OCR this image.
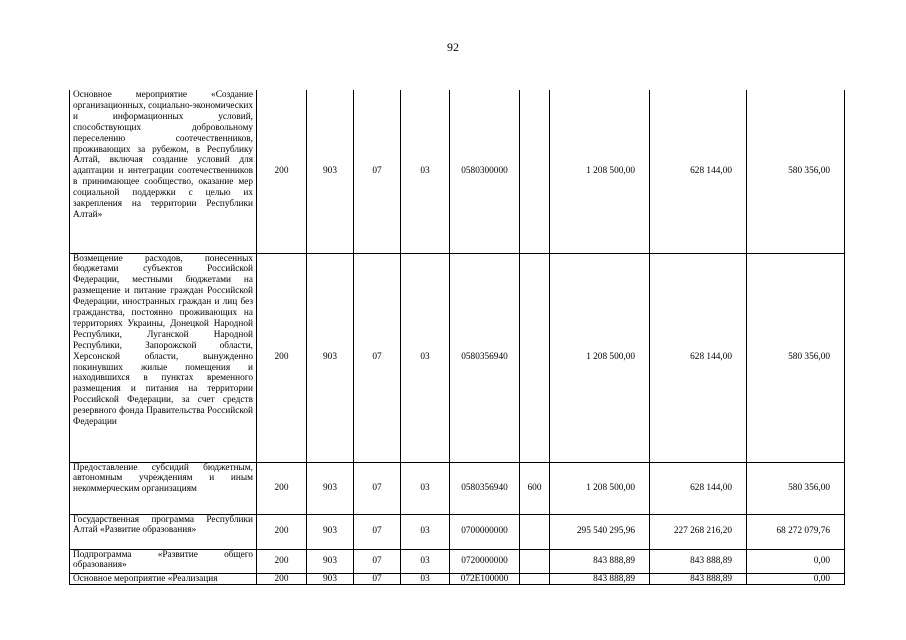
92
Основное мероприятие «Создание организационных, социально-экономических и информационных условий, способствующих добровольному переселению соотечественников, проживающих за рубежом, в Республику Алтай, включая создание условий для адаптации и интеграции соотечественников в принимающее сообщество, оказание мер социальной поддержки с целью их закрепления на территории Республики Алтай»	200	903	07	03	0580300000		1 208 500,00	628 144,00	580 356,00
Возмещение расходов, понесенных бюджетами субъектов Российской Федерации, местными бюджетами на размещение и питание граждан Российской Федерации, иностранных граждан и лиц без гражданства, постоянно проживающих на территориях Украины, Донецкой Народной Республики, Луганской Народной Республики, Запорожской области, Херсонской области, вынужденно покинувших жилые помещения и находившихся в пунктах временного размещения и питания на территории Российской Федерации, за счет средств резервного фонда Правительства Российской Федерации	200	903	07	03	0580356940		1 208 500,00	628 144,00	580 356,00
Предоставление субсидий бюджетным, автономным учреждениям и иным некоммерческим организациям	200	903	07	03	0580356940	600	1 208 500,00	628 144,00	580 356,00
Государственная программа Республики Алтай «Развитие образования»	200	903	07	03	0700000000		295 540 295,96	227 268 216,20	68 272 079,76
Подпрограмма «Развитие общего образования»	200	903	07	03	0720000000		843 888,89	843 888,89	0,00
Основное мероприятие «Реализация	200	903	07	03	072E100000		843 888,89	843 888,89	0,00
